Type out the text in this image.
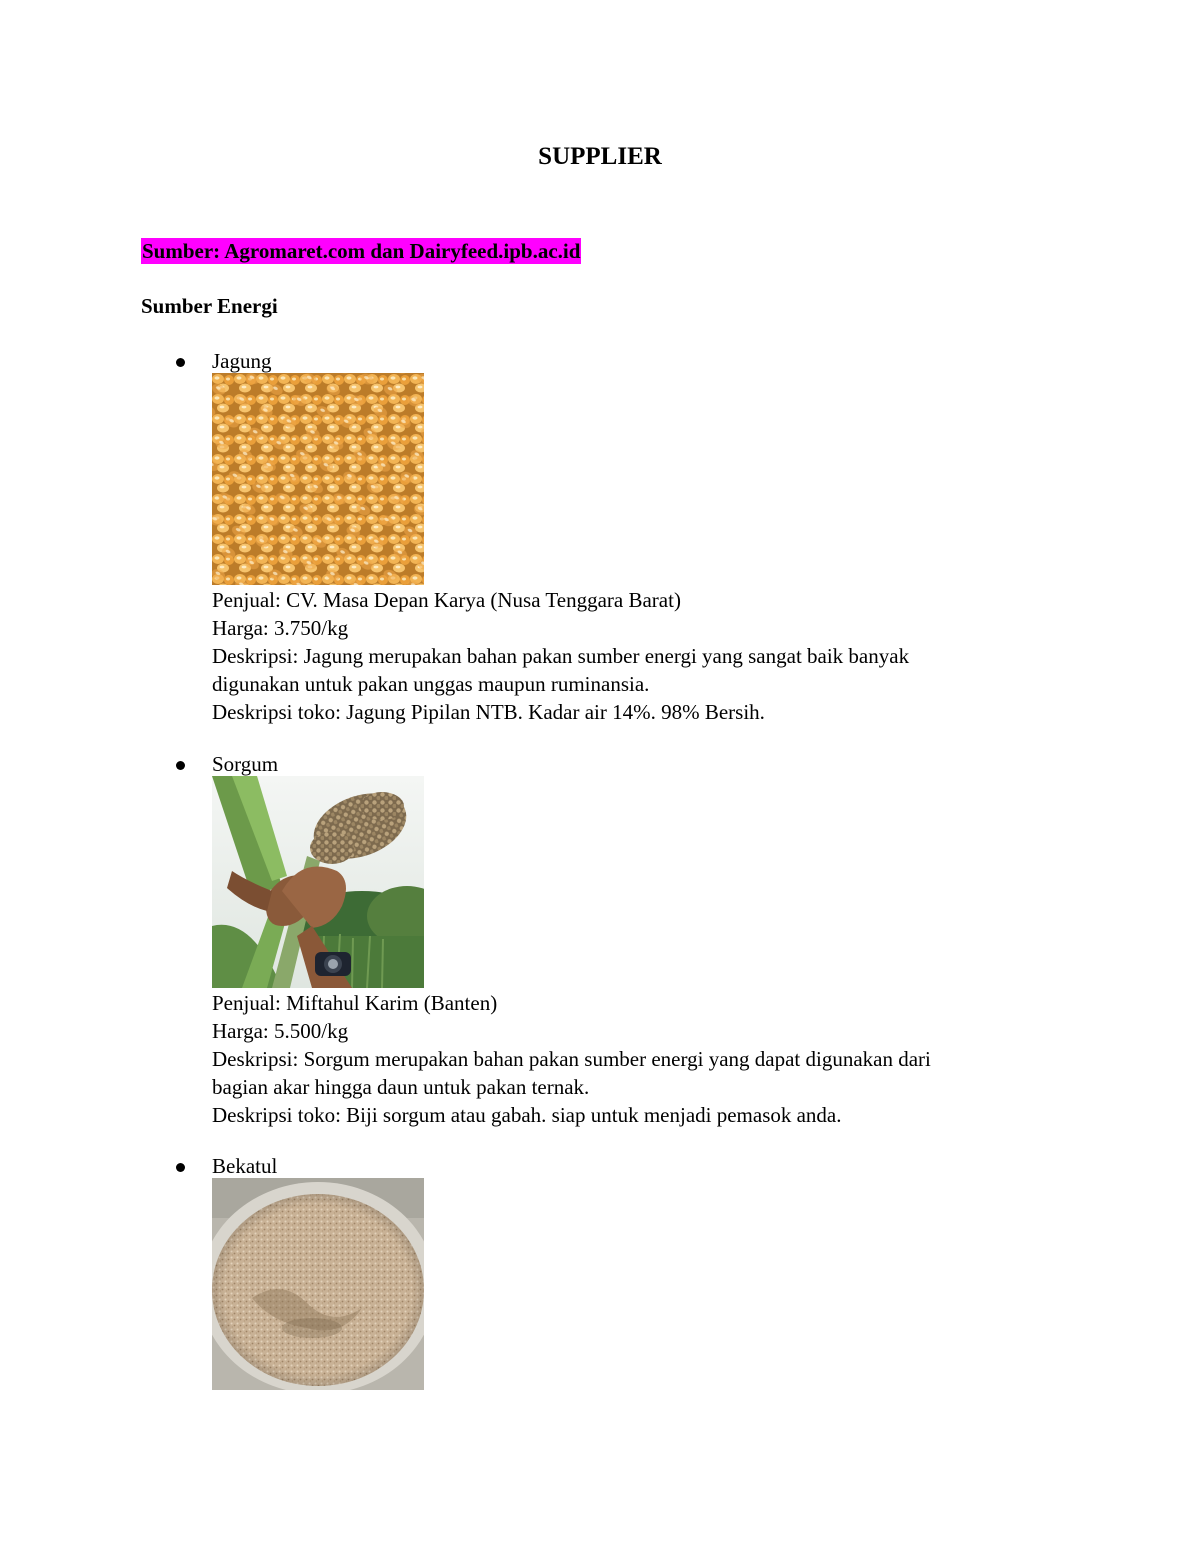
SUPPLIER
Sumber: Agromaret.com dan Dairyfeed.ipb.ac.id
Sumber Energi
Jagung
Penjual: CV. Masa Depan Karya (Nusa Tenggara Barat)
Harga: 3.750/kg
Deskripsi: Jagung merupakan bahan pakan sumber energi yang sangat baik banyak
digunakan untuk pakan unggas maupun ruminansia.
Deskripsi toko: Jagung Pipilan NTB. Kadar air 14%. 98% Bersih.
Sorgum
Penjual: Miftahul Karim (Banten)
Harga: 5.500/kg
Deskripsi: Sorgum merupakan bahan pakan sumber energi yang dapat digunakan dari
bagian akar hingga daun untuk pakan ternak.
Deskripsi toko: Biji sorgum atau gabah. siap untuk menjadi pemasok anda.
Bekatul
